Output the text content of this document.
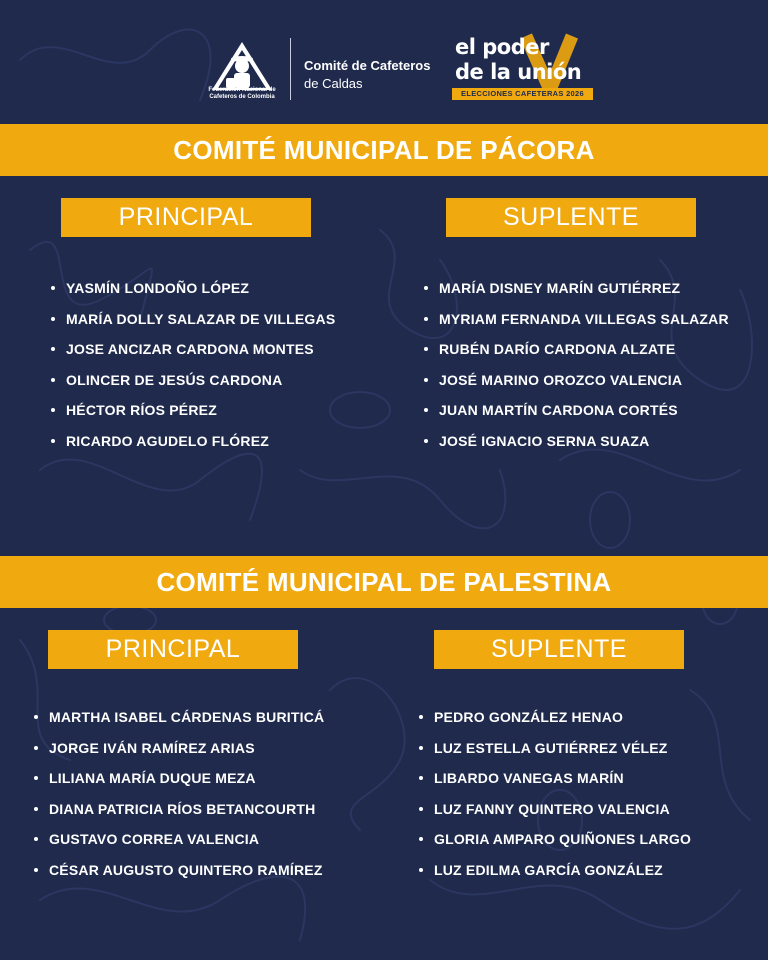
Federación Nacional de Cafeteros de Colombia
Comité de Cafeteros
de Caldas
el poder
de la unión
ELECCIONES CAFETERAS 2026
COMITÉ MUNICIPAL DE PÁCORA
PRINCIPAL	SUPLENTE
YASMÍN LONDOÑO LÓPEZ
MARÍA DOLLY SALAZAR DE VILLEGAS
JOSE ANCIZAR CARDONA MONTES
OLINCER DE JESÚS CARDONA
HÉCTOR RÍOS PÉREZ
RICARDO AGUDELO FLÓREZ
MARÍA DISNEY MARÍN GUTIÉRREZ
MYRIAM FERNANDA VILLEGAS SALAZAR
RUBÉN DARÍO CARDONA ALZATE
JOSÉ MARINO OROZCO VALENCIA
JUAN MARTÍN CARDONA CORTÉS
JOSÉ IGNACIO SERNA SUAZA
COMITÉ MUNICIPAL DE PALESTINA
PRINCIPAL	SUPLENTE
MARTHA ISABEL CÁRDENAS BURITICÁ
JORGE IVÁN RAMÍREZ ARIAS
LILIANA MARÍA DUQUE MEZA
DIANA PATRICIA RÍOS BETANCOURTH
GUSTAVO CORREA VALENCIA
CÉSAR AUGUSTO QUINTERO RAMÍREZ
PEDRO GONZÁLEZ HENAO
LUZ ESTELLA GUTIÉRREZ VÉLEZ
LIBARDO VANEGAS MARÍN
LUZ FANNY QUINTERO VALENCIA
GLORIA AMPARO QUIÑONES LARGO
LUZ EDILMA GARCÍA GONZÁLEZ
